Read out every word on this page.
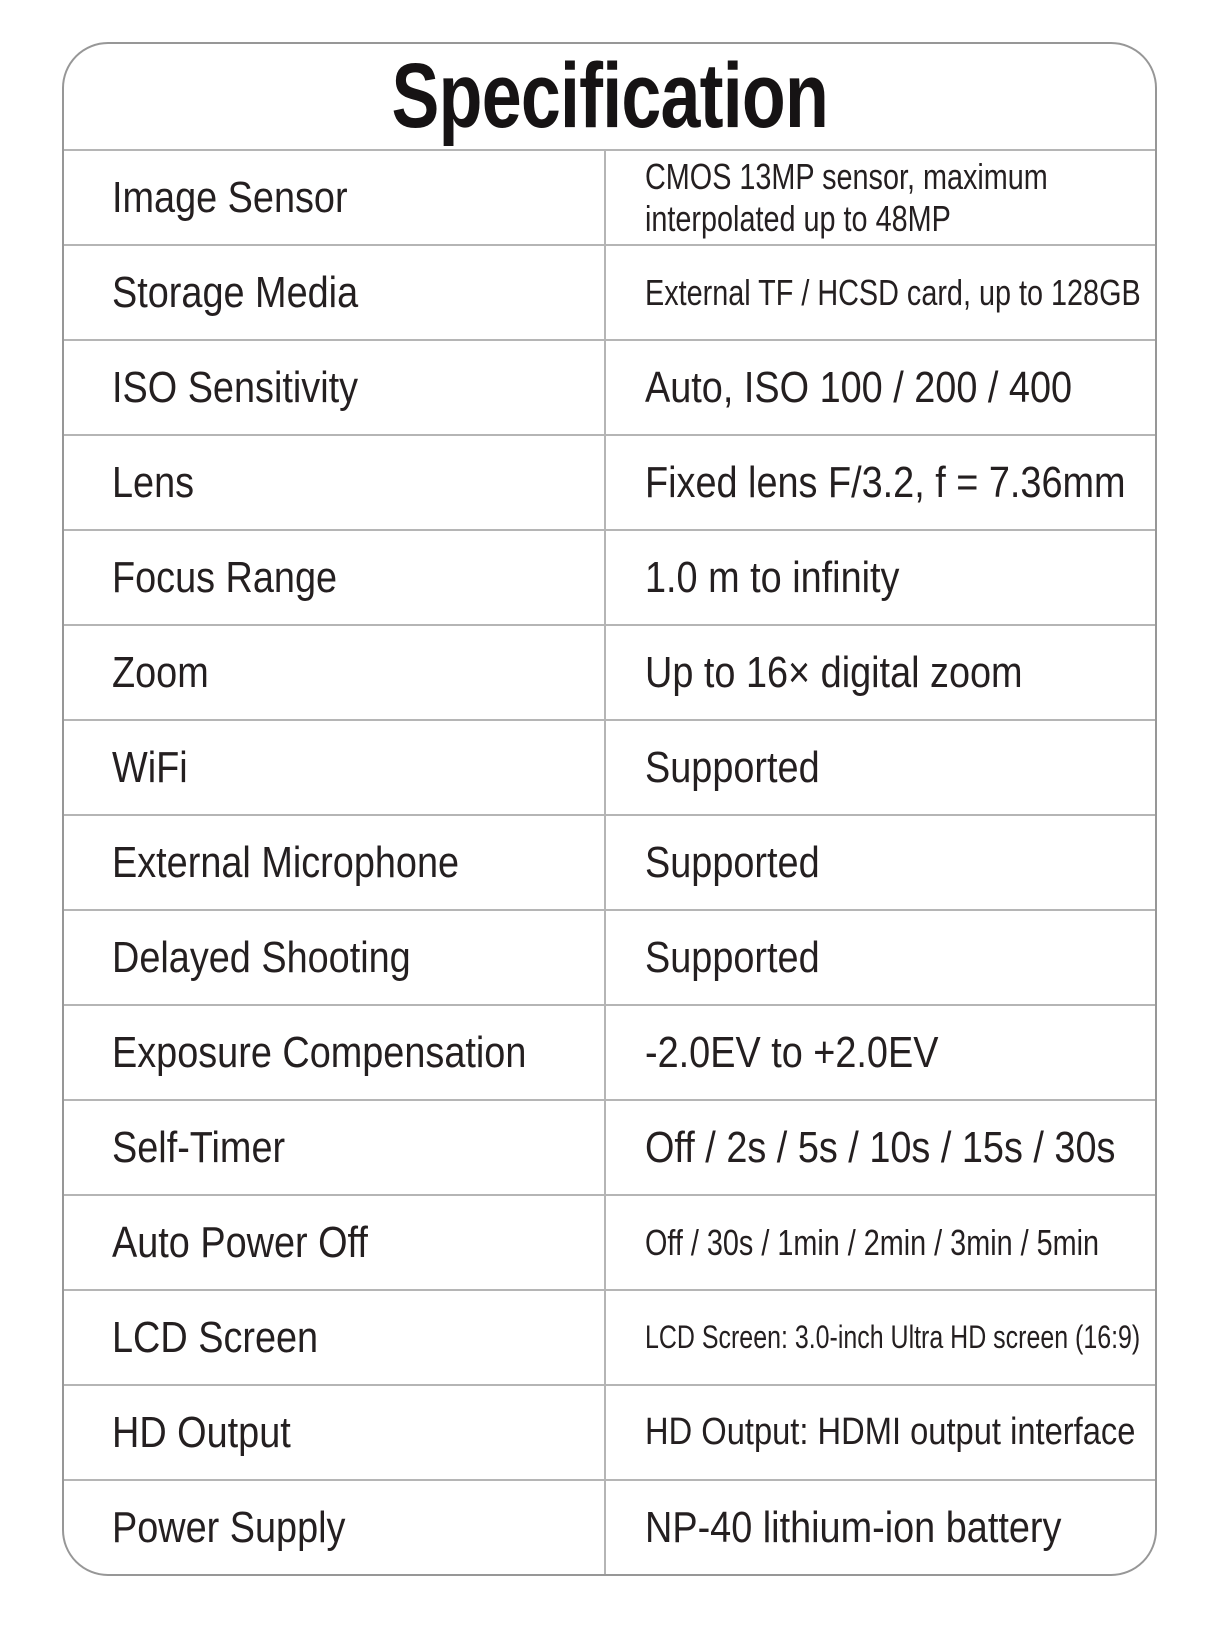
Specification
Image Sensor	CMOS 13MP sensor, maximum interpolated up to 48MP
Storage Media	External TF / HCSD card, up to 128GB
ISO Sensitivity	Auto, ISO 100 / 200 / 400
Lens	Fixed lens F/3.2, f = 7.36mm
Focus Range	1.0 m to infinity
Zoom	Up to 16× digital zoom
WiFi	Supported
External Microphone	Supported
Delayed Shooting	Supported
Exposure Compensation	-2.0EV to +2.0EV
Self-Timer	Off / 2s / 5s / 10s / 15s / 30s
Auto Power Off	Off / 30s / 1min / 2min / 3min / 5min
LCD Screen	LCD Screen: 3.0-inch Ultra HD screen (16:9)
HD Output	HD Output: HDMI output interface
Power Supply	NP-40 lithium-ion battery
